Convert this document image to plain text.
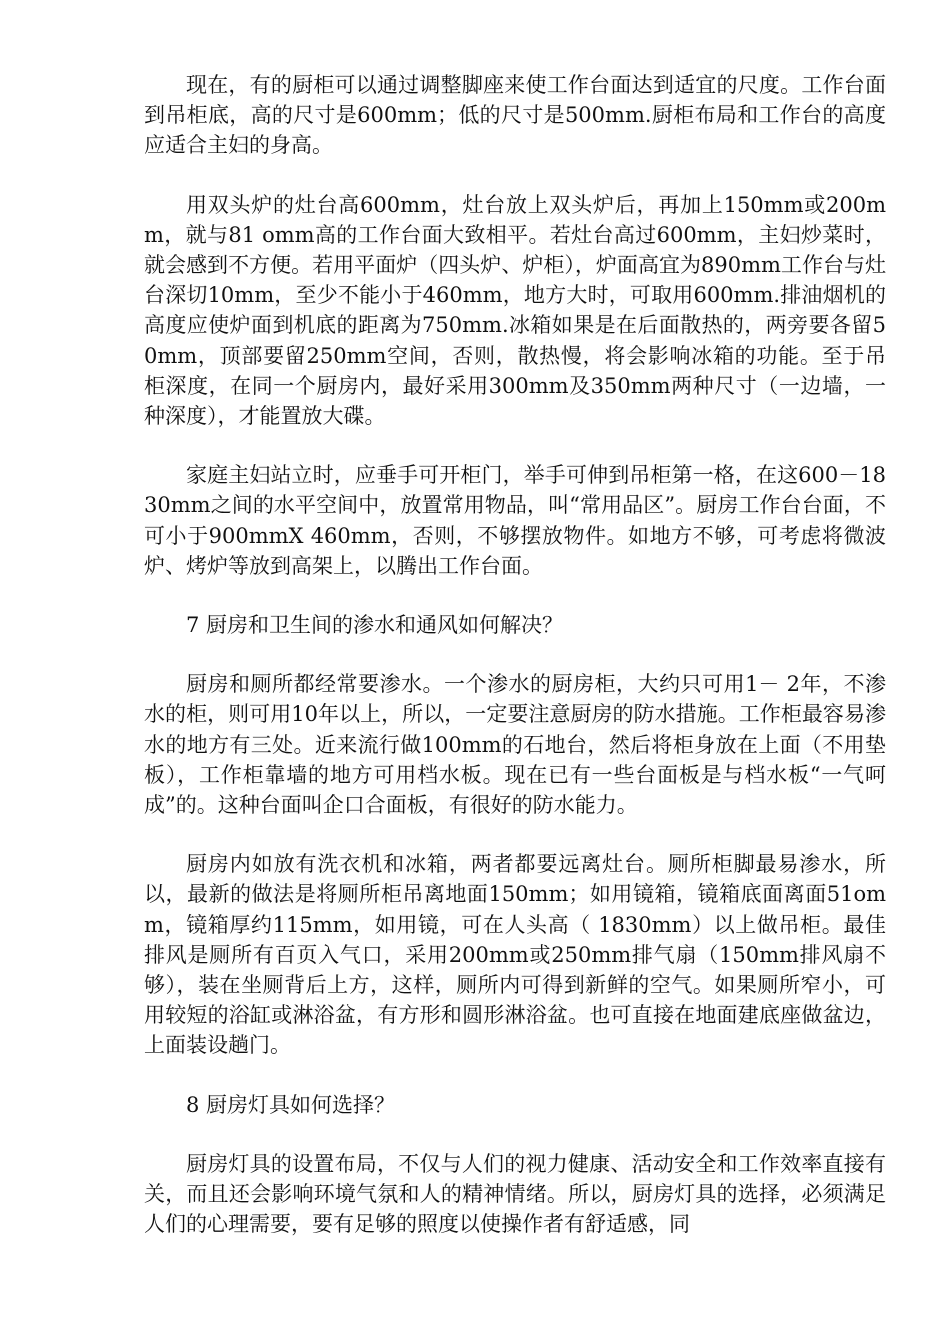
现在，有的厨柜可以通过调整脚座来使工作台面达到适宜的尺度。工作台面到吊柜底，高的尺寸是600mm；低的尺寸是500mm.厨柜布局和工作台的高度应适合主妇的身高。

用双头炉的灶台高600mm，灶台放上双头炉后，再加上150mm或200mm，就与81 omm高的工作台面大致相平。若灶台高过600mm，主妇炒菜时，就会感到不方便。若用平面炉（四头炉、炉柜），炉面高宜为890mm工作台与灶台深切10mm，至少不能小于460mm，地方大时，可取用600mm.排油烟机的高度应使炉面到机底的距离为750mm.冰箱如果是在后面散热的，两旁要各留50mm，顶部要留250mm空间，否则，散热慢，将会影响冰箱的功能。至于吊柜深度，在同一个厨房内，最好采用300mm及350mm两种尺寸（一边墙，一种深度），才能置放大碟。

家庭主妇站立时，应垂手可开柜门，举手可伸到吊柜第一格，在这600－1830mm之间的水平空间中，放置常用物品，叫“常用品区”。厨房工作台台面，不可小于900mmX 460mm，否则，不够摆放物件。如地方不够，可考虑将微波炉、烤炉等放到高架上，以腾出工作台面。

7 厨房和卫生间的渗水和通风如何解决？

厨房和厕所都经常要渗水。一个渗水的厨房柜，大约只可用1－ 2年，不渗水的柜，则可用10年以上，所以，一定要注意厨房的防水措施。工作柜最容易渗水的地方有三处。近来流行做100mm的石地台，然后将柜身放在上面（不用垫板），工作柜靠墙的地方可用档水板。现在已有一些台面板是与档水板“一气呵成”的。这种台面叫企口合面板，有很好的防水能力。

厨房内如放有洗衣机和冰箱，两者都要远离灶台。厕所柜脚最易渗水，所以，最新的做法是将厕所柜吊离地面150mm；如用镜箱，镜箱底面离面51omm，镜箱厚约115mm，如用镜，可在人头高（ 1830mm）以上做吊柜。最佳排风是厕所有百页入气口，采用200mm或250mm排气扇（150mm排风扇不够），装在坐厕背后上方，这样，厕所内可得到新鲜的空气。如果厕所窄小，可用较短的浴缸或淋浴盆，有方形和圆形淋浴盆。也可直接在地面建底座做盆边，上面装设趟门。

8 厨房灯具如何选择？

厨房灯具的设置布局，不仅与人们的视力健康、活动安全和工作效率直接有关，而且还会影响环境气氛和人的精神情绪。所以，厨房灯具的选择，必须满足人们的心理需要，要有足够的照度以使操作者有舒适感，同
